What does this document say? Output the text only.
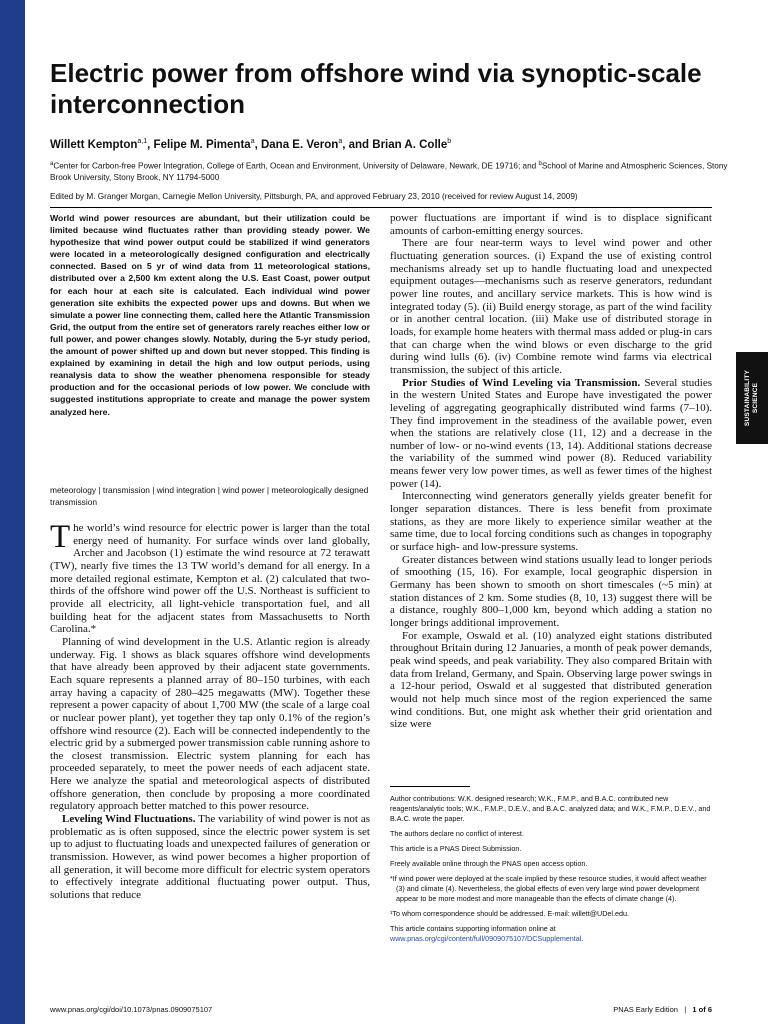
SUSTAINABILITY
SCIENCE
Electric power from offshore wind via synoptic-scale interconnection
Willett Kempton$^{a,1}$, Felipe M. Pimenta$^a$, Dana E. Veron$^a$, and Brian A. Colle$^b$
$^a$Center for Carbon-free Power Integration, College of Earth, Ocean and Environment, University of Delaware, Newark, DE 19716; and $^b$School of Marine and Atmospheric Sciences, Stony Brook University, Stony Brook, NY 11794-5000
Edited by M. Granger Morgan, Carnegie Mellon University, Pittsburgh, PA, and approved February 23, 2010 (received for review August 14, 2009)

World wind power resources are abundant, but their utilization could be limited because wind fluctuates rather than providing steady power. We hypothesize that wind power output could be stabilized if wind generators were located in a meteorologically designed configuration and electrically connected. Based on 5 yr of wind data from 11 meteorological stations, distributed over a 2,500 km extent along the U.S. East Coast, power output for each hour at each site is calculated. Each individual wind power generation site exhibits the expected power ups and downs. But when we simulate a power line connecting them, called here the Atlantic Transmission Grid, the output from the entire set of generators rarely reaches either low or full power, and power changes slowly. Notably, during the 5-yr study period, the amount of power shifted up and down but never stopped. This finding is explained by examining in detail the high and low output periods, using reanalysis data to show the weather phenomena responsible for steady production and for the occasional periods of low power. We conclude with suggested institutions appropriate to create and manage the power system analyzed here.

meteorology | transmission | wind integration | wind power | meteorologically designed transmission

The world’s wind resource for electric power is larger than the total energy need of humanity. For surface winds over land globally, Archer and Jacobson (1) estimate the wind resource at 72 terawatt (TW), nearly five times the 13 TW world’s demand for all energy. In a more detailed regional estimate, Kempton et al. (2) calculated that two-thirds of the offshore wind power off the U.S. Northeast is sufficient to provide all electricity, all light-vehicle transportation fuel, and all building heat for the adjacent states from Massachusetts to North Carolina.*

Planning of wind development in the U.S. Atlantic region is already underway. Fig. 1 shows as black squares offshore wind developments that have already been approved by their adjacent state governments. Each square represents a planned array of 80–150 turbines, with each array having a capacity of 280–425 megawatts (MW). Together these represent a power capacity of about 1,700 MW (the scale of a large coal or nuclear power plant), yet together they tap only 0.1% of the region’s offshore wind resource (2). Each will be connected independently to the electric grid by a submerged power transmission cable running ashore to the closest transmission. Electric system planning for each has proceeded separately, to meet the power needs of each adjacent state. Here we analyze the spatial and meteorological aspects of distributed offshore generation, then conclude by proposing a more coordinated regulatory approach better matched to this power resource.

Leveling Wind Fluctuations. The variability of wind power is not as problematic as is often supposed, since the electric power system is set up to adjust to fluctuating loads and unexpected failures of generation or transmission. However, as wind power becomes a higher proportion of all generation, it will become more difficult for electric system operators to effectively integrate additional fluctuating power output. Thus, solutions that reduce

power fluctuations are important if wind is to displace significant amounts of carbon-emitting energy sources.

There are four near-term ways to level wind power and other fluctuating generation sources. (i) Expand the use of existing control mechanisms already set up to handle fluctuating load and unexpected equipment outages—mechanisms such as reserve generators, redundant power line routes, and ancillary service markets. This is how wind is integrated today (5). (ii) Build energy storage, as part of the wind facility or in another central location. (iii) Make use of distributed storage in loads, for example home heaters with thermal mass added or plug-in cars that can charge when the wind blows or even discharge to the grid during wind lulls (6). (iv) Combine remote wind farms via electrical transmission, the subject of this article.

Prior Studies of Wind Leveling via Transmission. Several studies in the western United States and Europe have investigated the power leveling of aggregating geographically distributed wind farms (7–10). They find improvement in the steadiness of the available power, even when the stations are relatively close (11, 12) and a decrease in the number of low- or no-wind events (13, 14). Additional stations decrease the variability of the summed wind power (8). Reduced variability means fewer very low power times, as well as fewer times of the highest power (14).

Interconnecting wind generators generally yields greater benefit for longer separation distances. There is less benefit from proximate stations, as they are more likely to experience similar weather at the same time, due to local forcing conditions such as changes in topography or surface high- and low-pressure systems.

Greater distances between wind stations usually lead to longer periods of smoothing (15, 16). For example, local geographic dispersion in Germany has been shown to smooth on short timescales (~5 min) at station distances of 2 km. Some studies (8, 10, 13) suggest there will be a distance, roughly 800–1,000 km, beyond which adding a station no longer brings additional improvement.

For example, Oswald et al. (10) analyzed eight stations distributed throughout Britain during 12 Januaries, a month of peak power demands, peak wind speeds, and peak variability. They also compared Britain with data from Ireland, Germany, and Spain. Observing large power swings in a 12-hour period, Oswald et al suggested that distributed generation would not help much since most of the region experienced the same wind conditions. But, one might ask whether their grid orientation and size were

Author contributions: W.K. designed research; W.K., F.M.P., and B.A.C. contributed new reagents/analytic tools; W.K., F.M.P., D.E.V., and B.A.C. analyzed data; and W.K., F.M.P., D.E.V., and B.A.C. wrote the paper.

The authors declare no conflict of interest.

This article is a PNAS Direct Submission.

Freely available online through the PNAS open access option.

*If wind power were deployed at the scale implied by these resource studies, it would affect weather (3) and climate (4). Nevertheless, the global effects of even very large wind power development appear to be more modest and more manageable than the effects of climate change (4).

¹To whom correspondence should be addressed. E-mail: willett@UDel.edu.

This article contains supporting information online at www.pnas.org/cgi/content/full/0909075107/DCSupplemental.

www.pnas.org/cgi/doi/10.1073/pnas.0909075107	PNAS Early Edition | 1 of 6
